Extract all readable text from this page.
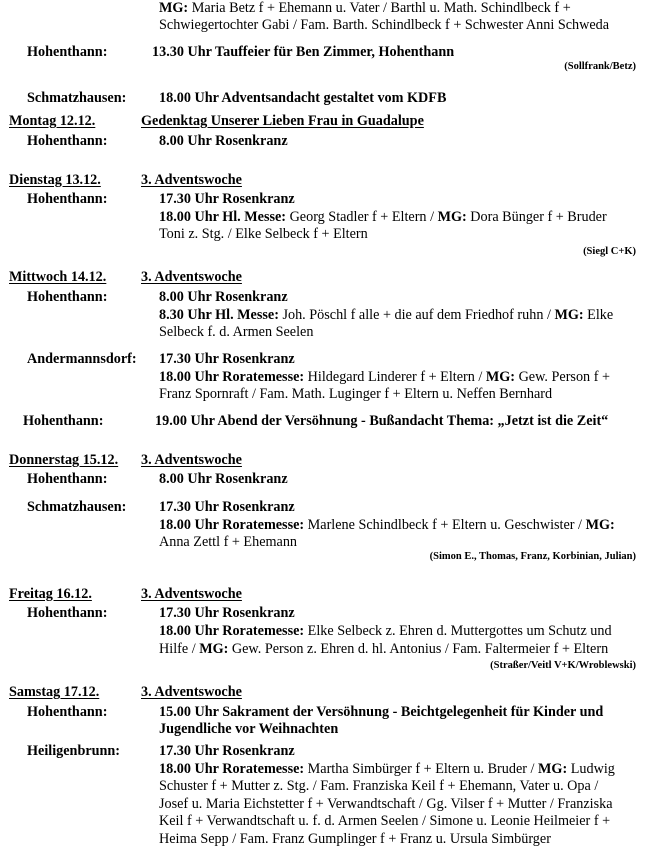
MG: Maria Betz f + Ehemann u. Vater / Barthl u. Math. Schindlbeck f +
Schwiegertochter Gabi / Fam. Barth. Schindlbeck f + Schwester Anni Schweda
Hohenthann:	13.30 Uhr Tauffeier für Ben Zimmer, Hohenthann
(Sollfrank/Betz)
Schmatzhausen: 18.00 Uhr Adventsandacht gestaltet vom KDFB
Montag 12.12.	Gedenktag Unserer Lieben Frau in Guadalupe
Hohenthann:	8.00 Uhr Rosenkranz
Dienstag 13.12.	3. Adventswoche
Hohenthann:	17.30 Uhr Rosenkranz
18.00 Uhr Hl. Messe: Georg Stadler f + Eltern / MG: Dora Bünger f + Bruder
Toni z. Stg. / Elke Selbeck f + Eltern
(Siegl C+K)
Mittwoch 14.12. 3. Adventswoche
Hohenthann:	8.00 Uhr Rosenkranz
8.30 Uhr Hl. Messe: Joh. Pöschl f alle + die auf dem Friedhof ruhn / MG: Elke
Selbeck f. d. Armen Seelen
Andermannsdorf: 17.30 Uhr Rosenkranz
18.00 Uhr Roratemesse: Hildegard Linderer f + Eltern / MG: Gew. Person f +
Franz Spornraft / Fam. Math. Luginger f + Eltern u. Neffen Bernhard
Hohenthann:	19.00 Uhr Abend der Versöhnung - Bußandacht Thema: „Jetzt ist die Zeit“
Donnerstag 15.12. 3. Adventswoche
Hohenthann:	8.00 Uhr Rosenkranz
Schmatzhausen: 17.30 Uhr Rosenkranz
18.00 Uhr Roratemesse: Marlene Schindlbeck f + Eltern u. Geschwister / MG:
Anna Zettl f + Ehemann
(Simon E., Thomas, Franz, Korbinian, Julian)
Freitag 16.12.	3. Adventswoche
Hohenthann:	17.30 Uhr Rosenkranz
18.00 Uhr Roratemesse: Elke Selbeck z. Ehren d. Muttergottes um Schutz und
Hilfe / MG: Gew. Person z. Ehren d. hl. Antonius / Fam. Faltermeier f + Eltern
(Straßer/Veitl V+K/Wroblewski)
Samstag 17.12.	3. Adventswoche
Hohenthann:	15.00 Uhr Sakrament der Versöhnung - Beichtgelegenheit für Kinder und
Jugendliche vor Weihnachten
Heiligenbrunn:	17.30 Uhr Rosenkranz
18.00 Uhr Roratemesse: Martha Simbürger f + Eltern u. Bruder / MG: Ludwig
Schuster f + Mutter z. Stg. / Fam. Franziska Keil f + Ehemann, Vater u. Opa /
Josef u. Maria Eichstetter f + Verwandtschaft / Gg. Vilser f + Mutter / Franziska
Keil f + Verwandtschaft u. f. d. Armen Seelen / Simone u. Leonie Heilmeier f +
Heima Sepp / Fam. Franz Gumplinger f + Franz u. Ursula Simbürger
